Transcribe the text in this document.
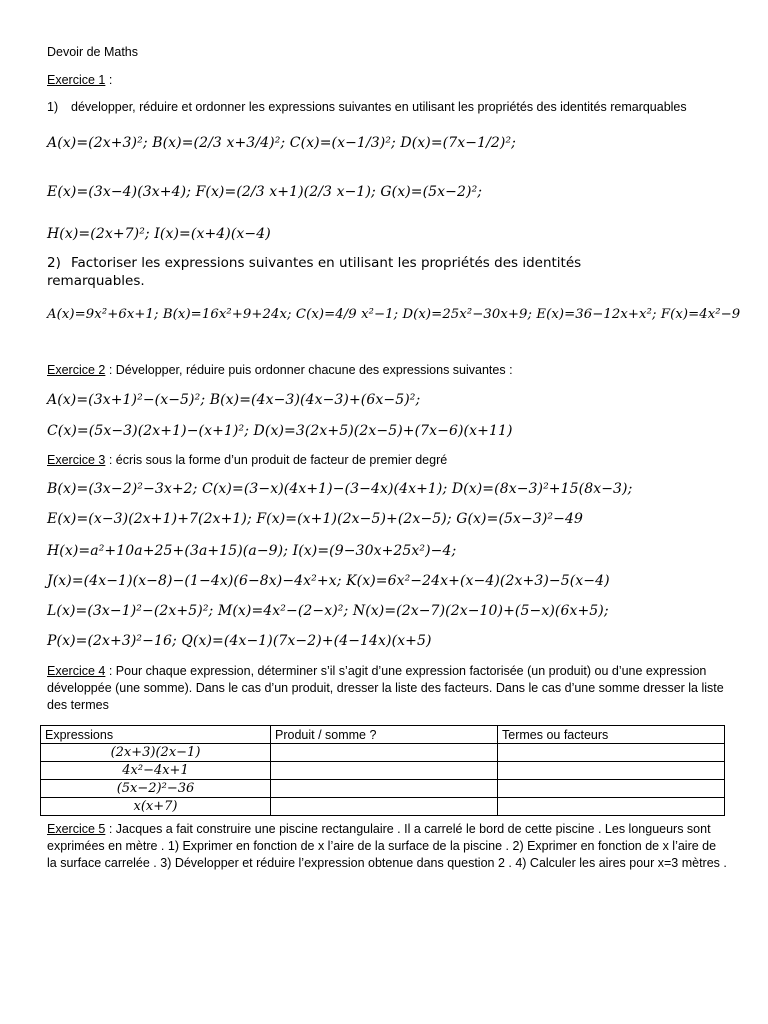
Devoir de Maths
Exercice 1 :
1) développer, réduire et ordonner les expressions suivantes en utilisant les propriétés des identités remarquables
A(x)=(2x+3)²; B(x)=(2/3 x+3/4)²; C(x)=(x−1/3)²; D(x)=(7x−1/2)²;
E(x)=(3x−4)(3x+4); F(x)=(2/3 x+1)(2/3 x−1); G(x)=(5x−2)²;
H(x)=(2x+7)²; I(x)=(x+4)(x−4)
2) Factoriser les expressions suivantes en utilisant les propriétés des identités remarquables.
A(x)=9x²+6x+1; B(x)=16x²+9+24x; C(x)=4/9 x²−1; D(x)=25x²−30x+9; E(x)=36−12x+x²; F(x)=4x²−9
Exercice 2 : Développer, réduire puis ordonner chacune des expressions suivantes :
A(x)=(3x+1)²−(x−5)²; B(x)=(4x−3)(4x−3)+(6x−5)²;
C(x)=(5x−3)(2x+1)−(x+1)²; D(x)=3(2x+5)(2x−5)+(7x−6)(x+11)
Exercice 3 : écris sous la forme d’un produit de facteur de premier degré
B(x)=(3x−2)²−3x+2; C(x)=(3−x)(4x+1)−(3−4x)(4x+1); D(x)=(8x−3)²+15(8x−3);
E(x)=(x−3)(2x+1)+7(2x+1); F(x)=(x+1)(2x−5)+(2x−5); G(x)=(5x−3)²−49
H(x)=a²+10a+25+(3a+15)(a−9); I(x)=(9−30x+25x²)−4;
J(x)=(4x−1)(x−8)−(1−4x)(6−8x)−4x²+x; K(x)=6x²−24x+(x−4)(2x+3)−5(x−4)
L(x)=(3x−1)²−(2x+5)²; M(x)=4x²−(2−x)²; N(x)=(2x−7)(2x−10)+(5−x)(6x+5);
P(x)=(2x+3)²−16; Q(x)=(4x−1)(7x−2)+(4−14x)(x+5)
Exercice 4 : Pour chaque expression, déterminer s’il s’agit d’une expression factorisée (un produit) ou d’une expression développée (une somme). Dans le cas d’un produit, dresser la liste des facteurs. Dans le cas d’une somme dresser la liste des termes
Expressions	Produit / somme ?	Termes ou facteurs
(2x+3)(2x−1)		
4x²−4x+1		
(5x−2)²−36		
x(x+7)		
Exercice 5 : Jacques a fait construire une piscine rectangulaire . Il a carrelé le bord de cette piscine . Les longueurs sont exprimées en mètre . 1) Exprimer en fonction de x l’aire de la surface de la piscine . 2) Exprimer en fonction de x l’aire de la surface carrelée . 3) Développer et réduire l’expression obtenue dans question 2 . 4) Calculer les aires pour x=3 mètres .
